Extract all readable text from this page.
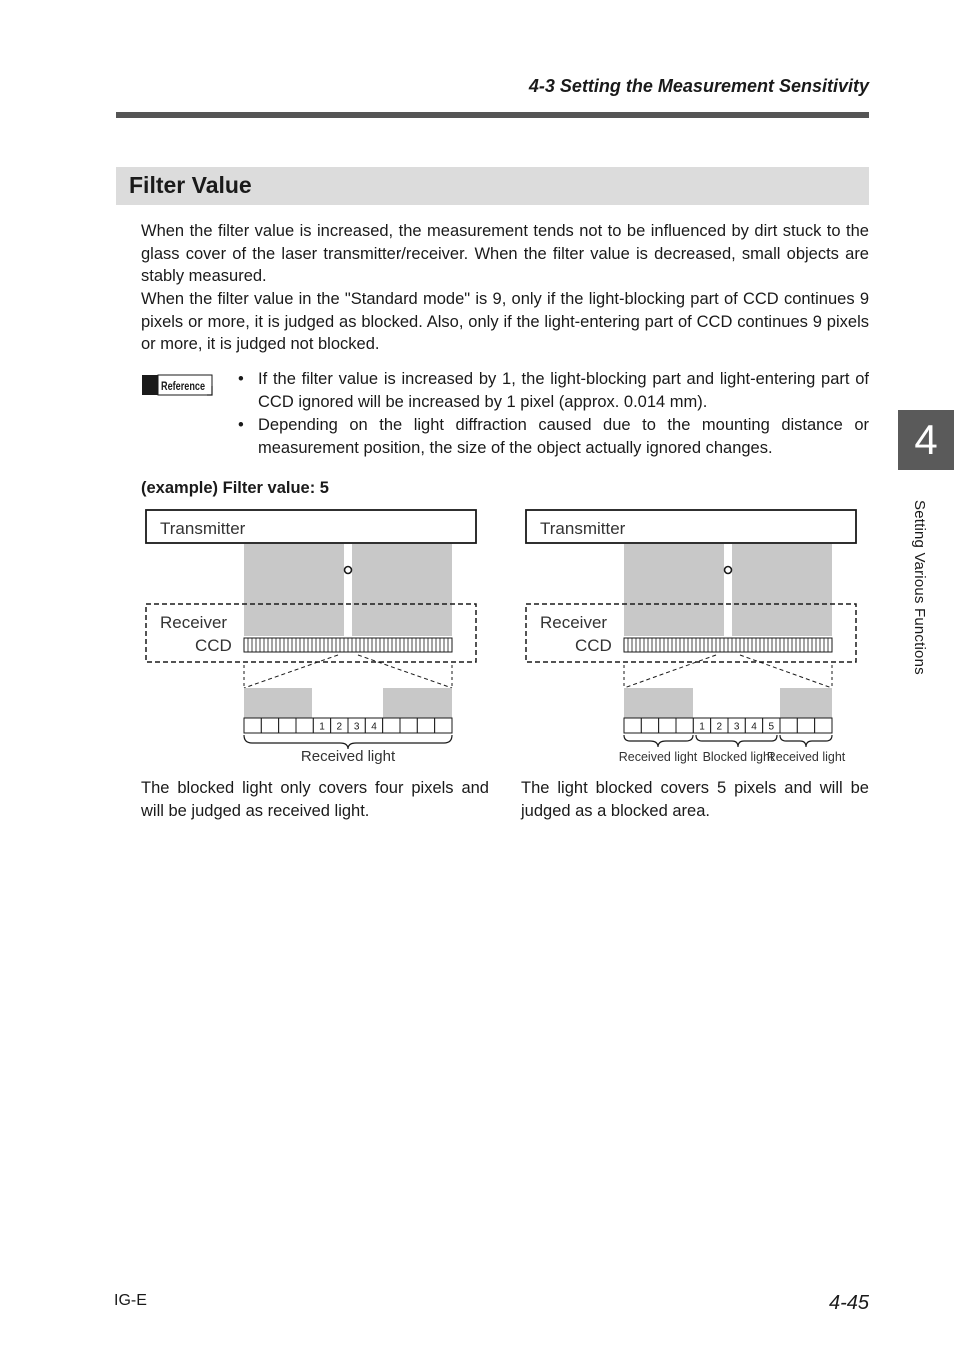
4-3 Setting the Measurement Sensitivity
Filter Value
When the filter value is increased, the measurement tends not to be influenced by dirt stuck to the glass cover of the laser transmitter/receiver. When the filter value is decreased, small objects are stably measured.
When the filter value in the "Standard mode" is 9, only if the light-blocking part of CCD continues 9 pixels or more, it is judged as blocked. Also, only if the light-entering part of CCD continues 9 pixels or more, it is judged not blocked.
Reference • If the filter value is increased by 1, the light-blocking part and light-entering part of CCD ignored will be increased by 1 pixel (approx. 0.014 mm).
• Depending on the light diffraction caused due to the mounting distance or measurement position, the size of the object actually ignored changes.
(example) Filter value: 5
Transmitter
Receiver
CCD
1 2 3 4
Received light
Transmitter
Receiver
CCD
1 2 3 4 5
Received light Blocked light
Received light
The blocked light only covers four pixels and will be judged as received light.
The light blocked covers 5 pixels and will be judged as a blocked area.
4
Setting Various Functions
IG-E	4-45
